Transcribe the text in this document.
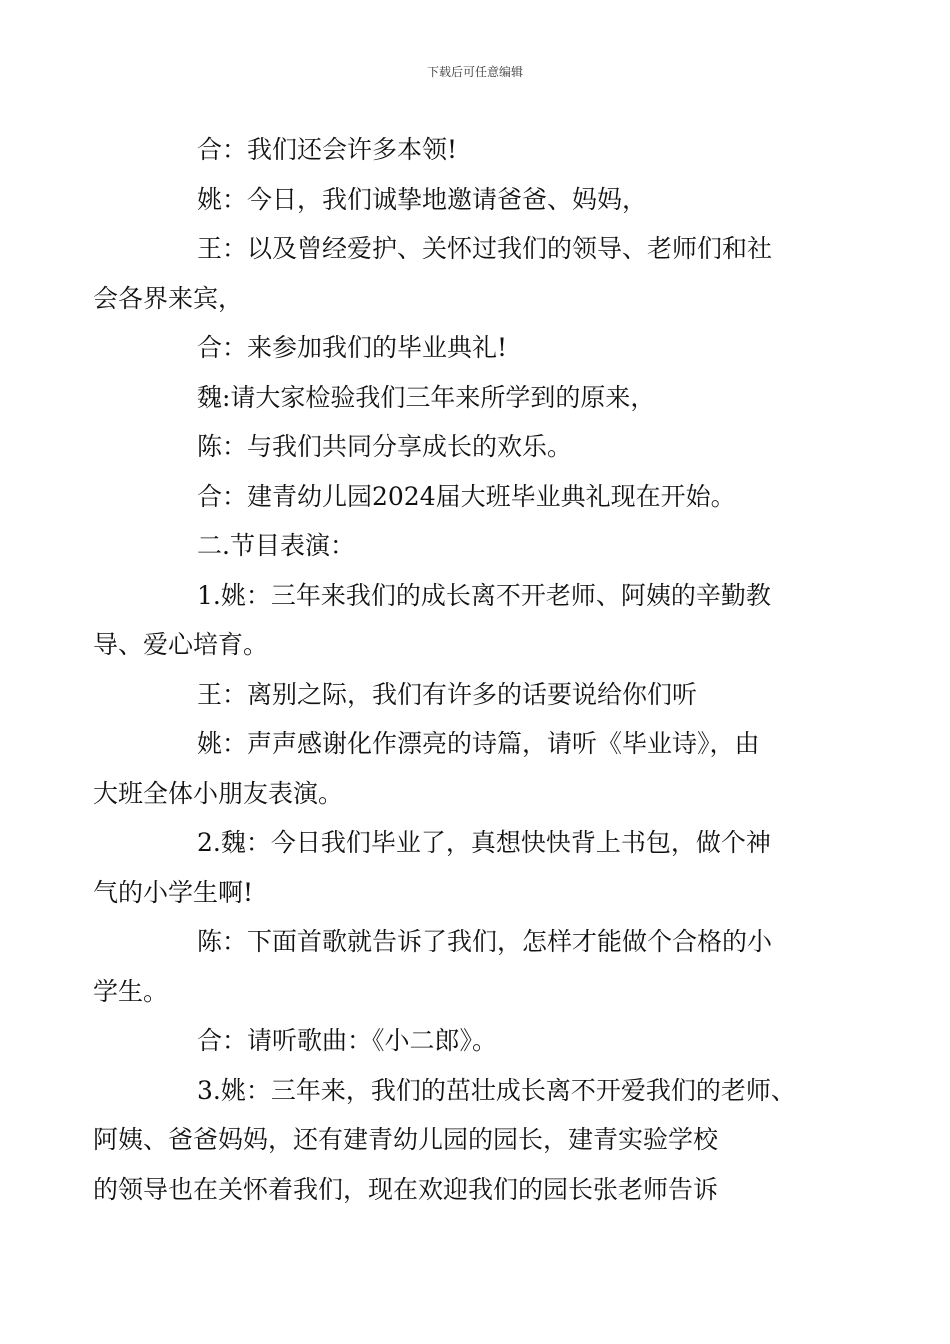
下载后可任意编辑

合：我们还会许多本领!

姚：今日，我们诚挚地邀请爸爸、妈妈，

王：以及曾经爱护、关怀过我们的领导、老师们和社
会各界来宾，

合：来参加我们的毕业典礼!

魏:请大家检验我们三年来所学到的原来，

陈：与我们共同分享成长的欢乐。

合：建青幼儿园2024届大班毕业典礼现在开始。

二.节目表演：

1.姚：三年来我们的成长离不开老师、阿姨的辛勤教
导、爱心培育。

王：离别之际，我们有许多的话要说给你们听

姚：声声感谢化作漂亮的诗篇，请听《毕业诗》，由
大班全体小朋友表演。

2.魏：今日我们毕业了，真想快快背上书包，做个神
气的小学生啊!

陈：下面首歌就告诉了我们，怎样才能做个合格的小
学生。

合：请听歌曲：《小二郎》。

3.姚：三年来，我们的茁壮成长离不开爱我们的老师、
阿姨、爸爸妈妈，还有建青幼儿园的园长，建青实验学校
的领导也在关怀着我们，现在欢迎我们的园长张老师告诉
